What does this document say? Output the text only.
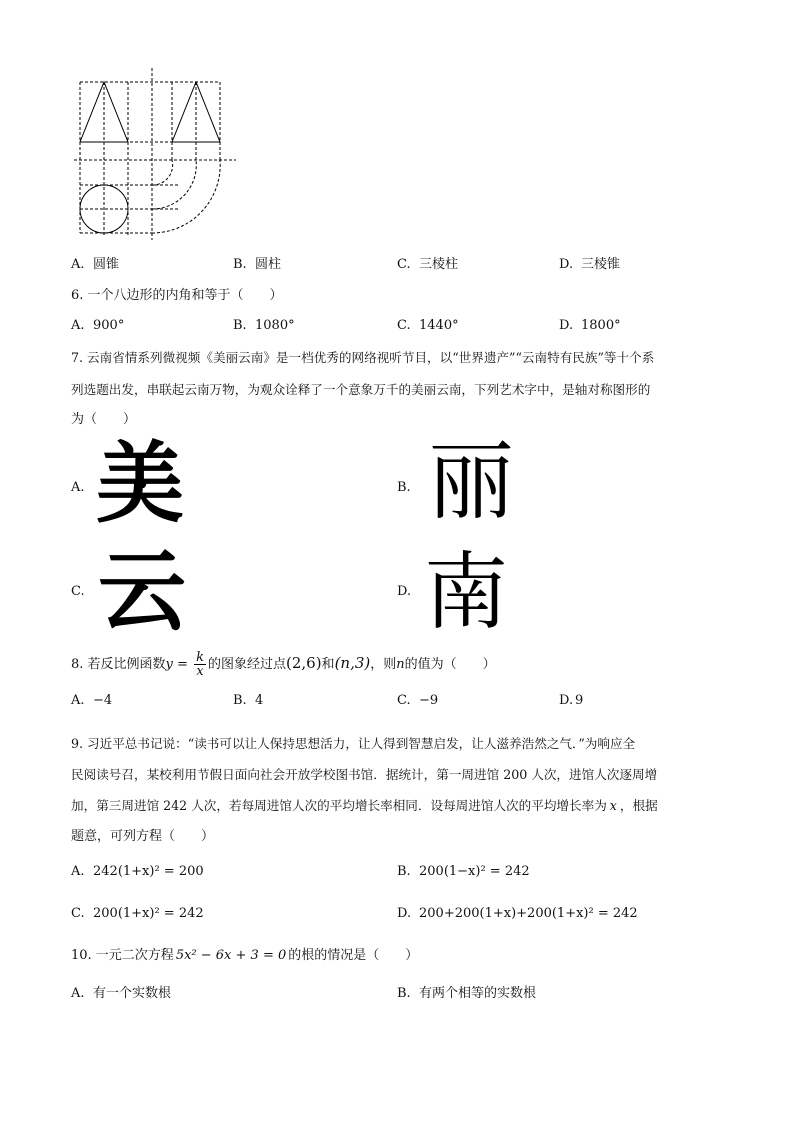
A. 圆锥	B. 圆柱	C. 三棱柱	D. 三棱锥
6. 一个八边形的内角和等于（　　）
A. 900°	B. 1080°	C. 1440°	D. 1800°
7. 云南省情系列微视频《美丽云南》是一档优秀的网络视听节目，以“世界遗产”“云南特有民族”等十个系
列选题出发，串联起云南万物，为观众诠释了一个意象万千的美丽云南，下列艺术字中，是轴对称图形的
为（　　）
A. 美	B. 丽
C. 云	D. 南
8. 若反比例函数$y = \frac{k}{x}$ 的图象经过点(2,6)和(n,3)，则n的值为（　　）
A. −4	B. 4	C. −9	D. 9
9. 习近平总书记说：“读书可以让人保持思想活力，让人得到智慧启发，让人滋养浩然之气．”为响应全
民阅读号召，某校利用节假日面向社会开放学校图书馆．据统计，第一周进馆 200 人次，进馆人次逐周增
加，第三周进馆 242 人次，若每周进馆人次的平均增长率相同．设每周进馆人次的平均增长率为 x ，根据
题意，可列方程（　　）
A. 242(1+x)² = 200	B. 200(1−x)² = 242
C. 200(1+x)² = 242	D. 200+200(1+x)+200(1+x)² = 242
10. 一元二次方程 5x² − 6x + 3 = 0 的根的情况是（　　）
A. 有一个实数根	B. 有两个相等的实数根
